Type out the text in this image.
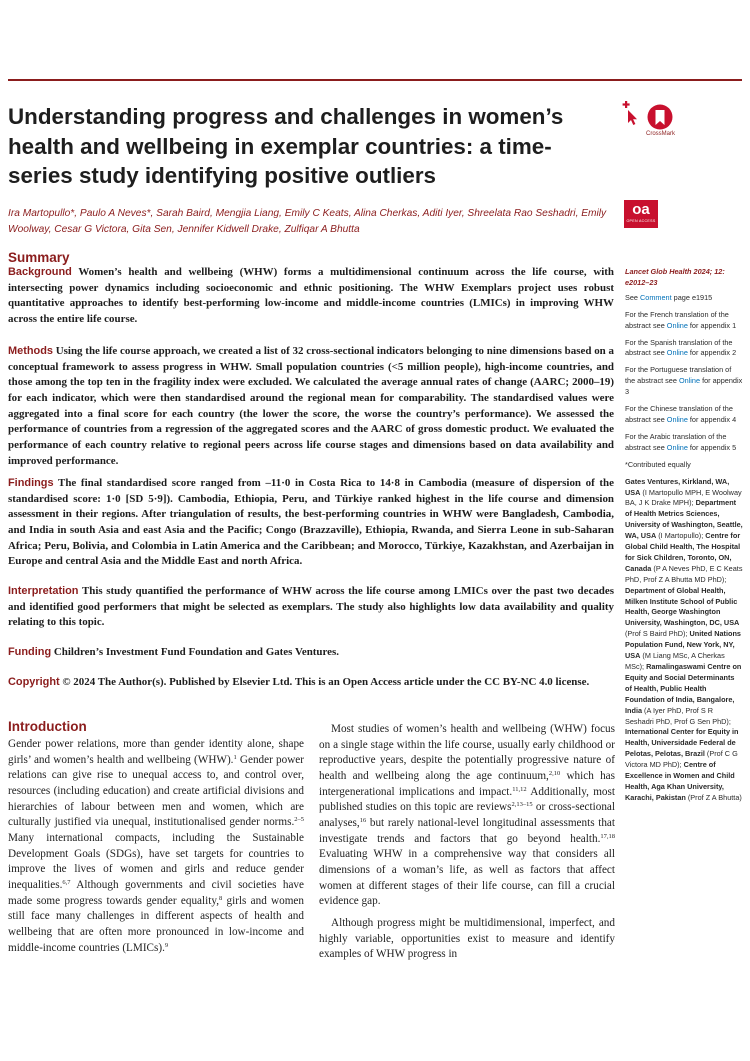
Understanding progress and challenges in women’s health and wellbeing in exemplar countries: a time-series study identifying positive outliers
Ira Martopullo*, Paulo A Neves*, Sarah Baird, Mengjia Liang, Emily C Keats, Alina Cherkas, Aditi Iyer, Shreelata Rao Seshadri, Emily Woolway, Cesar G Victora, Gita Sen, Jennifer Kidwell Drake, Zulfiqar A Bhutta
CrossMark
oa
OPEN ACCESS
Summary

Background Women’s health and wellbeing (WHW) forms a multidimensional continuum across the life course, with intersecting power dynamics including socioeconomic and ethnic positioning. The WHW Exemplars project uses robust quantitative approaches to identify best-performing low-income and middle-income countries (LMICs) in improving WHW across the entire life course.

Methods Using the life course approach, we created a list of 32 cross-sectional indicators belonging to nine dimensions based on a conceptual framework to assess progress in WHW. Small population countries (<5 million people), high-income countries, and those among the top ten in the fragility index were excluded. We calculated the average annual rates of change (AARC; 2000–19) for each indicator, which were then standardised around the regional mean for comparability. The standardised values were aggregated into a final score for each country (the lower the score, the worse the country’s performance). We assessed the performance of countries from a regression of the aggregated scores and the AARC of gross domestic product. We evaluated the performance of each country relative to regional peers across life course stages and dimensions based on data availability and improved performance.

Findings The final standardised score ranged from –11·0 in Costa Rica to 14·8 in Cambodia (measure of dispersion of the standardised score: 1·0 [SD 5·9]). Cambodia, Ethiopia, Peru, and Türkiye ranked highest in the life course and dimension assessment in their regions. After triangulation of results, the best-performing countries in WHW were Bangladesh, Cambodia, and India in south Asia and east Asia and the Pacific; Congo (Brazzaville), Ethiopia, Rwanda, and Sierra Leone in sub-Saharan Africa; Peru, Bolivia, and Colombia in Latin America and the Caribbean; and Morocco, Türkiye, Kazakhstan, and Azerbaijan in Europe and central Asia and the Middle East and north Africa.

Interpretation This study quantified the performance of WHW across the life course among LMICs over the past two decades and identified good performers that might be selected as exemplars. The study also highlights low data availability and quality relating to this topic.

Funding Children’s Investment Fund Foundation and Gates Ventures.

Copyright © 2024 The Author(s). Published by Elsevier Ltd. This is an Open Access article under the CC BY-NC 4.0 license.

Lancet Glob Health 2024; 12: e2012–23

See Comment page e1915

For the French translation of the abstract see Online for appendix 1

For the Spanish translation of the abstract see Online for appendix 2

For the Portuguese translation of the abstract see Online for appendix 3

For the Chinese translation of the abstract see Online for appendix 4

For the Arabic translation of the abstract see Online for appendix 5

*Contributed equally

Gates Ventures, Kirkland, WA, USA (I Martopullo MPH, E Woolway BA, J K Drake MPH); Department of Health Metrics Sciences, University of Washington, Seattle, WA, USA (I Martopullo); Centre for Global Child Health, The Hospital for Sick Children, Toronto, ON, Canada (P A Neves PhD, E C Keats PhD, Prof Z A Bhutta MD PhD); Department of Global Health, Milken Institute School of Public Health, George Washington University, Washington, DC, USA (Prof S Baird PhD); United Nations Population Fund, New York, NY, USA (M Liang MSc, A Cherkas MSc); Ramalingaswami Centre on Equity and Social Determinants of Health, Public Health Foundation of India, Bangalore, India (A Iyer PhD, Prof S R Seshadri PhD, Prof G Sen PhD); International Center for Equity in Health, Universidade Federal de Pelotas, Pelotas, Brazil (Prof C G Victora MD PhD); Centre of Excellence in Women and Child Health, Aga Khan University, Karachi, Pakistan (Prof Z A Bhutta)

Introduction

Gender power relations, more than gender identity alone, shape girls’ and women’s health and wellbeing (WHW).$^1$ Gender power relations can give rise to unequal access to, and control over, resources (including education) and create artificial divisions and hierarchies of labour between men and women, which are culturally justified via unequal, institutionalised gender norms.$^{2-5}$ Many international compacts, including the Sustainable Development Goals (SDGs), have set targets for countries to improve the lives of women and girls and reduce gender inequalities.$^{6,7}$ Although governments and civil societies have made some progress towards gender equality,$^8$ girls and women still face many challenges in different aspects of health and wellbeing that are often more pronounced in low-income and middle-income countries (LMICs).$^9$

Most studies of women’s health and wellbeing (WHW) focus on a single stage within the life course, usually early childhood or reproductive years, despite the potentially progressive nature of health and wellbeing along the age continuum,$^{2,10}$ which has intergenerational implications and impact.$^{11,12}$ Additionally, most published studies on this topic are reviews$^{2,13-15}$ or cross-sectional analyses,$^{16}$ but rarely national-level longitudinal assessments that investigate trends and factors that go beyond health.$^{17,18}$ Evaluating WHW in a comprehensive way that considers all dimensions of a woman’s life, as well as factors that affect women at different stages of their life course, can fill a crucial evidence gap.

Although progress might be multidimensional, imperfect, and highly variable, opportunities exist to measure and identify examples of WHW progress in
